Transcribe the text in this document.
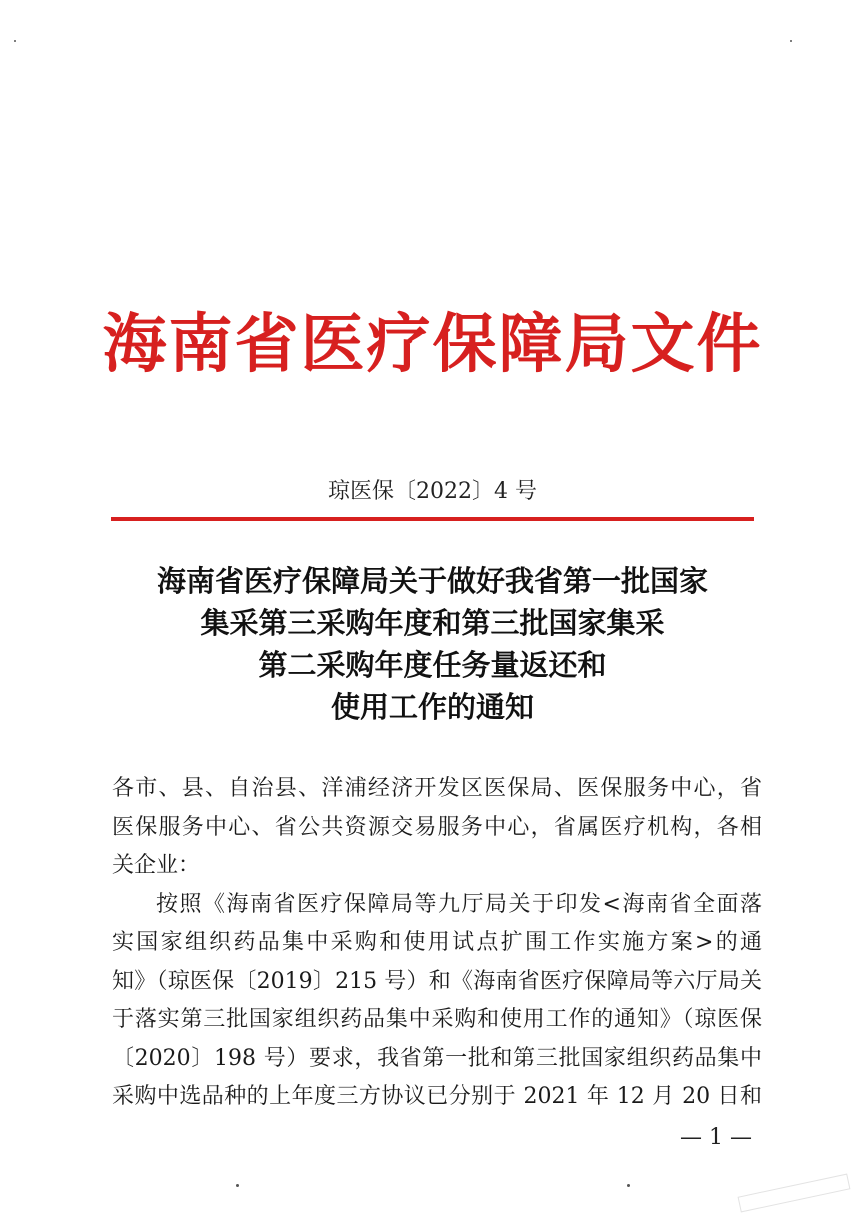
海南省医疗保障局文件
琼医保〔2022〕4 号
海南省医疗保障局关于做好我省第一批国家
集采第三采购年度和第三批国家集采
第二采购年度任务量返还和
使用工作的通知
各市、县、自治县、洋浦经济开发区医保局、医保服务中心，省
医保服务中心、省公共资源交易服务中心，省属医疗机构，各相
关企业：
按照《海南省医疗保障局等九厅局关于印发<海南省全面落
实国家组织药品集中采购和使用试点扩围工作实施方案>的通
知》（琼医保〔2019〕215 号）和《海南省医疗保障局等六厅局关
于落实第三批国家组织药品集中采购和使用工作的通知》（琼医保
〔2020〕198 号）要求，我省第一批和第三批国家组织药品集中
采购中选品种的上年度三方协议已分别于 2021 年 12 月 20 日和
— 1 —
